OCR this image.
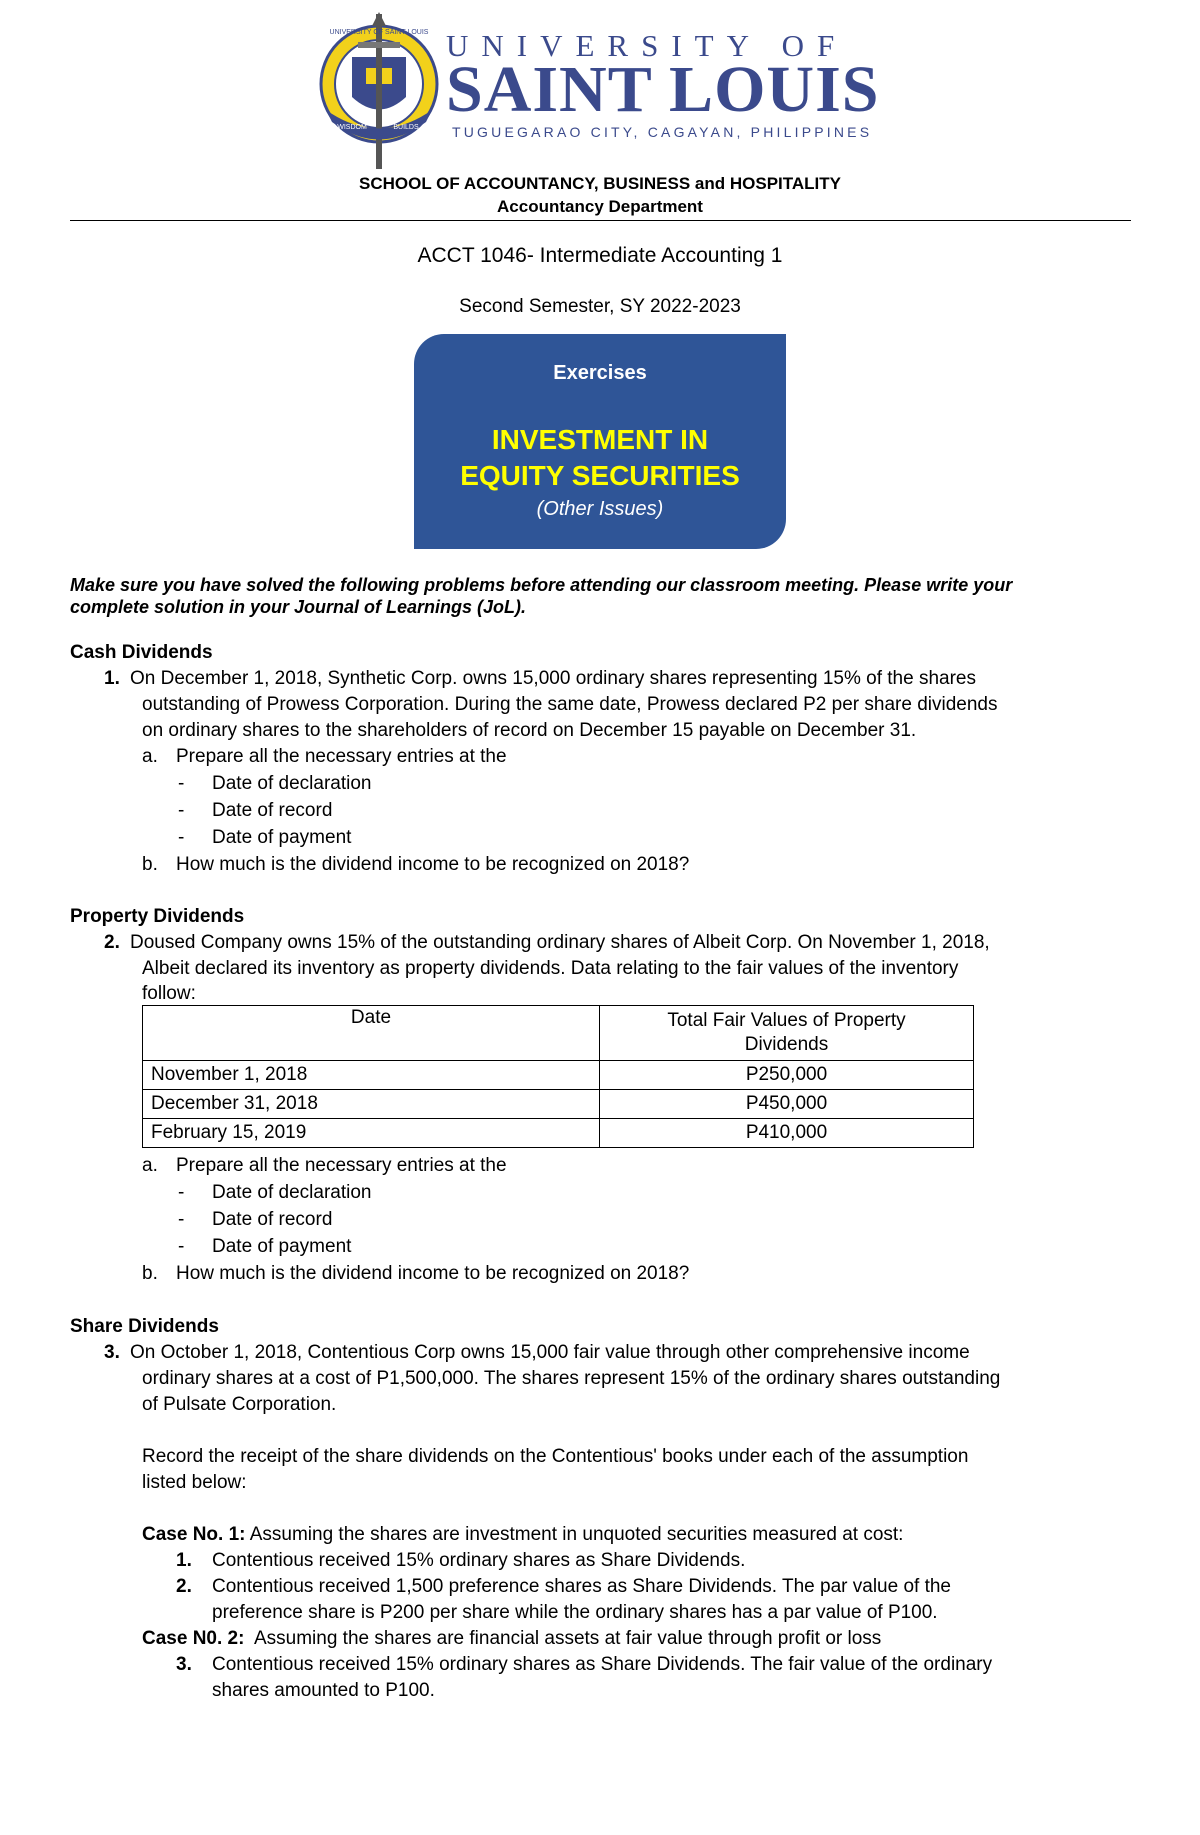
UNIVERSITY OF SAINT LOUIS
WISDOM	BUILDS
UNIVERSITY OF
SAINT LOUIS
TUGUEGARAO CITY, CAGAYAN, PHILIPPINES
SCHOOL OF ACCOUNTANCY, BUSINESS and HOSPITALITY
Accountancy Department
ACCT 1046- Intermediate Accounting 1
Second Semester, SY 2022-2023
Exercises
INVESTMENT IN
EQUITY SECURITIES
(Other Issues)
Make sure you have solved the following problems before attending our classroom meeting. Please write your
complete solution in your Journal of Learnings (JoL).
Cash Dividends
1. On December 1, 2018, Synthetic Corp. owns 15,000 ordinary shares representing 15% of the shares
outstanding of Prowess Corporation. During the same date, Prowess declared P2 per share dividends
on ordinary shares to the shareholders of record on December 15 payable on December 31.
a. Prepare all the necessary entries at the
- Date of declaration
- Date of record
- Date of payment
b. How much is the dividend income to be recognized on 2018?
Property Dividends
2. Doused Company owns 15% of the outstanding ordinary shares of Albeit Corp. On November 1, 2018,
Albeit declared its inventory as property dividends. Data relating to the fair values of the inventory
follow:
Date	Total Fair Values of Property
Dividends

November 1, 2018	P250,000
December 31, 2018	P450,000
February 15, 2019	P410,000
a. Prepare all the necessary entries at the
- Date of declaration
- Date of record
- Date of payment
b. How much is the dividend income to be recognized on 2018?
Share Dividends
3. On October 1, 2018, Contentious Corp owns 15,000 fair value through other comprehensive income
ordinary shares at a cost of P1,500,000. The shares represent 15% of the ordinary shares outstanding
of Pulsate Corporation.
Record the receipt of the share dividends on the Contentious' books under each of the assumption
listed below:
Case No. 1: Assuming the shares are investment in unquoted securities measured at cost:
1. Contentious received 15% ordinary shares as Share Dividends.
2. Contentious received 1,500 preference shares as Share Dividends. The par value of the
preference share is P200 per share while the ordinary shares has a par value of P100.
Case N0. 2:  Assuming the shares are financial assets at fair value through profit or loss
3. Contentious received 15% ordinary shares as Share Dividends. The fair value of the ordinary
shares amounted to P100.
